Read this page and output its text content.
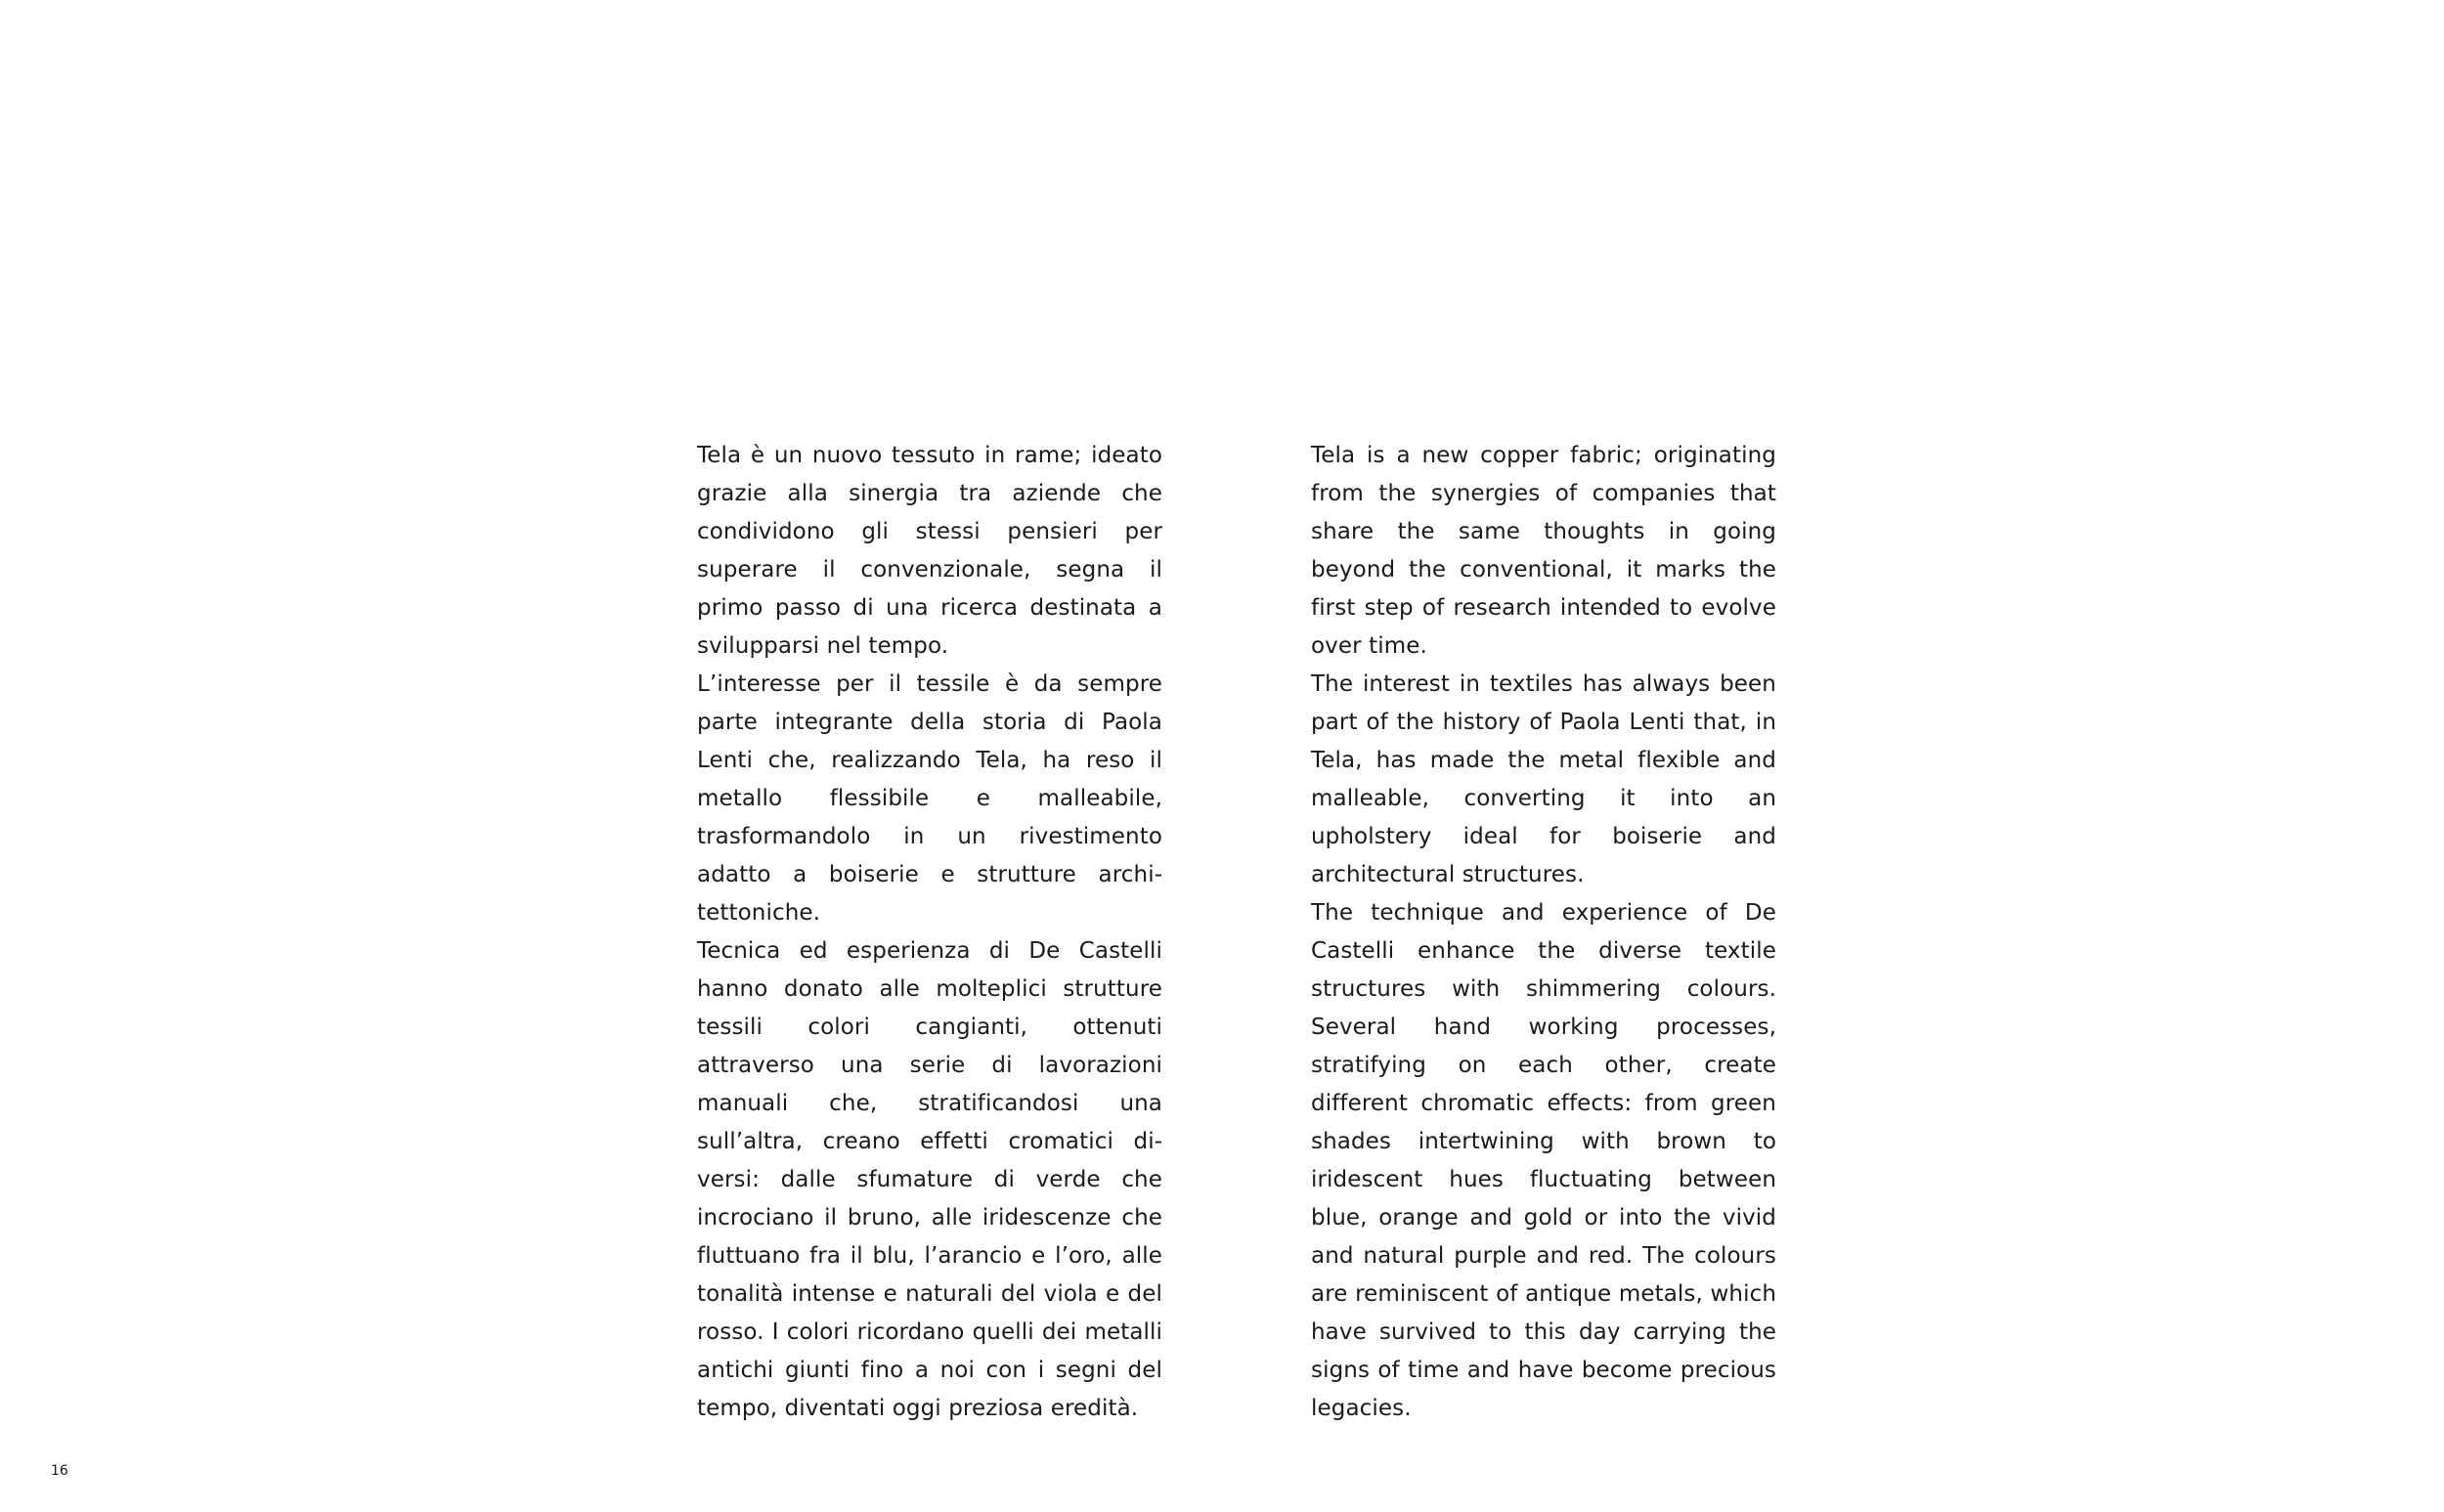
Tela è un nuovo tessuto in rame; ideato grazie alla sinergia tra aziende che condividono gli stessi pensieri per superare il convenzionale, segna il primo passo di una ricerca destinata a svilupparsi nel tempo.

L’interesse per il tessile è da sempre parte integrante della storia di Paola Lenti che, realizzando Tela, ha reso il metallo flessibile e malleabile, trasformandolo in un rivestimento adatto a boiserie e strutture architettoniche.

Tecnica ed esperienza di De Castelli hanno donato alle molteplici strutture tessili colori cangianti, ottenuti attraverso una serie di lavorazioni manuali che, stratificandosi una sull’altra, creano effetti cromatici diversi: dalle sfumature di verde che incrociano il bruno, alle iridescenze che fluttuano fra il blu, l’arancio e l’oro, alle tonalità intense e naturali del viola e del rosso. I colori ricordano quelli dei metalli antichi giunti fino a noi con i segni del tempo, diventati oggi preziosa eredità.

Tela is a new copper fabric; originating from the synergies of companies that share the same thoughts in going beyond the conventional, it marks the first step of research intended to evolve over time.

The interest in textiles has always been part of the history of Paola Lenti that, in Tela, has made the metal flexible and malleable, converting it into an upholstery ideal for boiserie and architectural structures.

The technique and experience of De Castelli enhance the diverse textile structures with shimmering colours. Several hand working processes, stratifying on each other, create different chromatic effects: from green shades intertwining with brown to iridescent hues fluctuating between blue, orange and gold or into the vivid and natural purple and red. The colours are reminiscent of antique metals, which have survived to this day carrying the signs of time and have become precious legacies.

16
